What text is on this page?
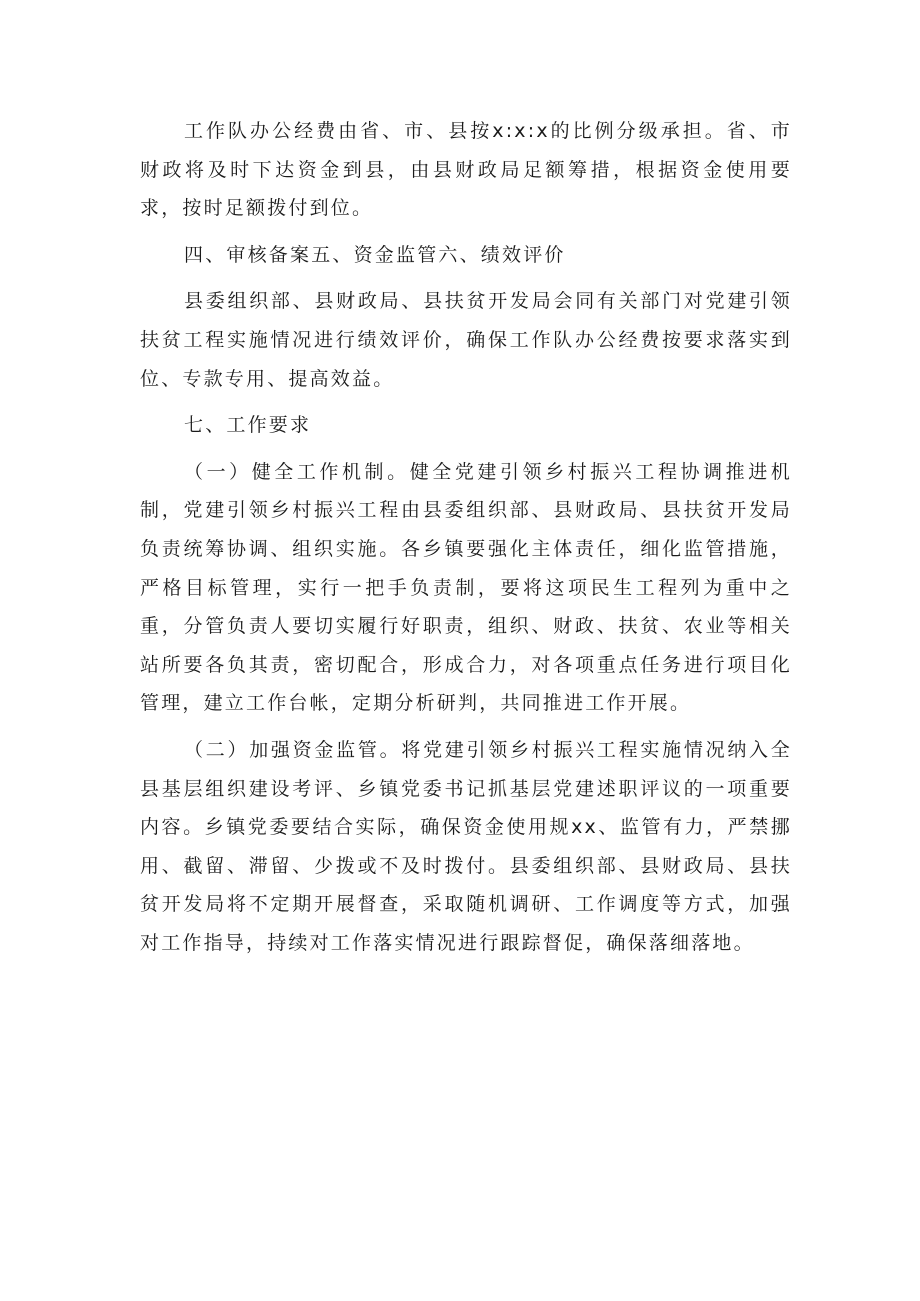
工作队办公经费由省、市、县按x:x:x的比例分级承担。省、市财政将及时下达资金到县，由县财政局足额筹措，根据资金使用要求，按时足额拨付到位。

四、审核备案五、资金监管六、绩效评价

县委组织部、县财政局、县扶贫开发局会同有关部门对党建引领扶贫工程实施情况进行绩效评价，确保工作队办公经费按要求落实到位、专款专用、提高效益。

七、工作要求

（一）健全工作机制。健全党建引领乡村振兴工程协调推进机制，党建引领乡村振兴工程由县委组织部、县财政局、县扶贫开发局负责统筹协调、组织实施。各乡镇要强化主体责任，细化监管措施，严格目标管理，实行一把手负责制，要将这项民生工程列为重中之重，分管负责人要切实履行好职责，组织、财政、扶贫、农业等相关站所要各负其责，密切配合，形成合力，对各项重点任务进行项目化管理，建立工作台帐，定期分析研判，共同推进工作开展。

（二）加强资金监管。将党建引领乡村振兴工程实施情况纳入全县基层组织建设考评、乡镇党委书记抓基层党建述职评议的一项重要内容。乡镇党委要结合实际，确保资金使用规xx、监管有力，严禁挪用、截留、滞留、少拨或不及时拨付。县委组织部、县财政局、县扶贫开发局将不定期开展督查，采取随机调研、工作调度等方式，加强对工作指导，持续对工作落实情况进行跟踪督促，确保落细落地。
